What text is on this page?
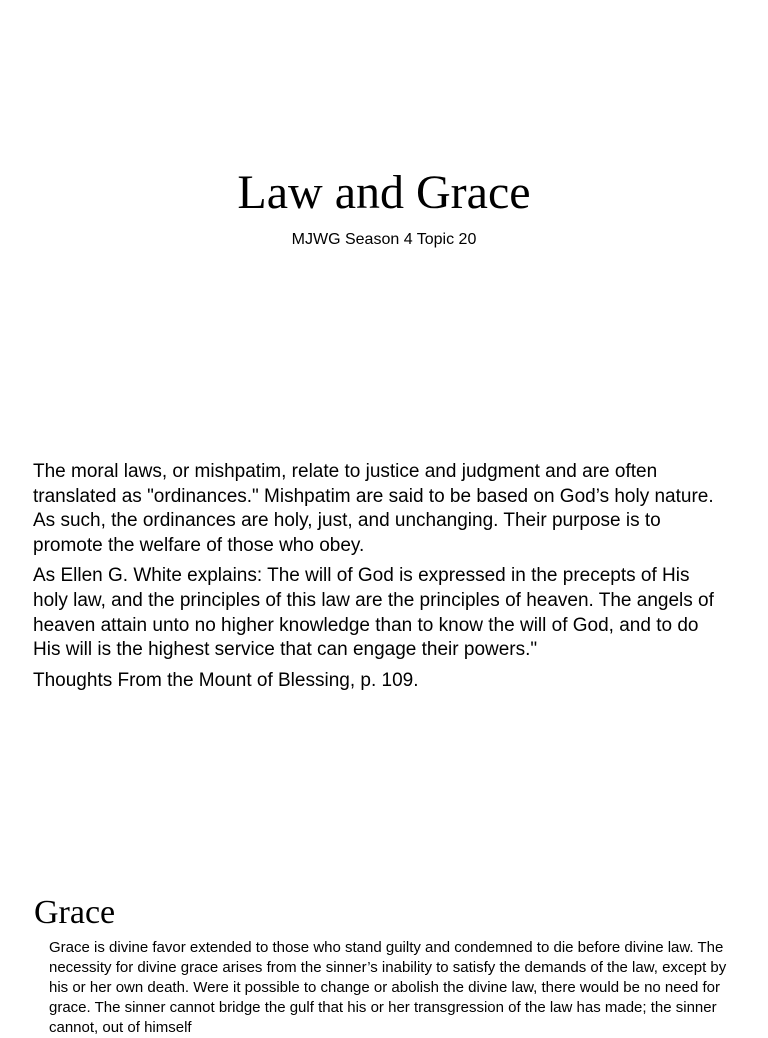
Law and Grace
MJWG Season 4 Topic 20

The moral laws, or mishpatim, relate to justice and judgment and are often translated as "ordinances." Mishpatim are said to be based on God’s holy nature. As such, the ordinances are holy, just, and unchanging. Their purpose is to promote the welfare of those who obey.

As Ellen G. White explains: The will of God is expressed in the precepts of His holy law, and the principles of this law are the principles of heaven. The angels of heaven attain unto no higher knowledge than to know the will of God, and to do His will is the highest service that can engage their powers."

Thoughts From the Mount of Blessing, p. 109.

Grace

Grace is divine favor extended to those who stand guilty and condemned to die before divine law. The necessity for divine grace arises from the sinner’s inability to satisfy the demands of the law, except by his or her own death. Were it possible to change or abolish the divine law, there would be no need for grace. The sinner cannot bridge the gulf that his or her transgression of the law has made; the sinner cannot, out of himself
